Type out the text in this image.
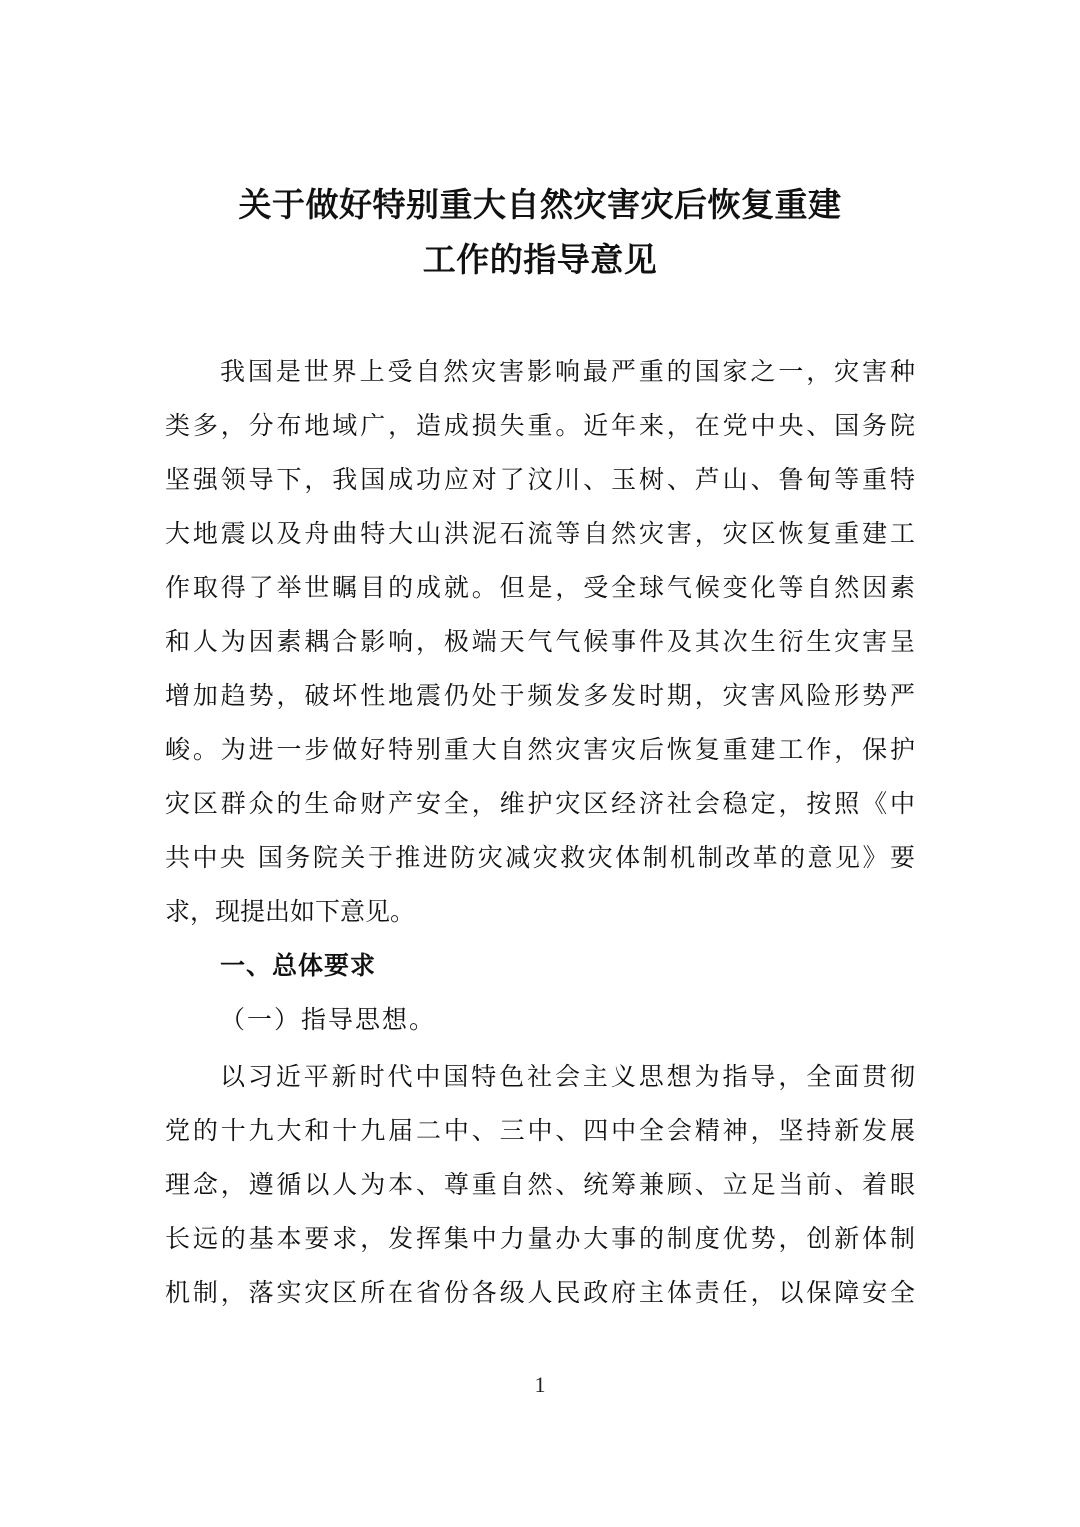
关于做好特别重大自然灾害灾后恢复重建
工作的指导意见
我国是世界上受自然灾害影响最严重的国家之一，灾害种
类多，分布地域广，造成损失重。近年来，在党中央、国务院
坚强领导下，我国成功应对了汶川、玉树、芦山、鲁甸等重特
大地震以及舟曲特大山洪泥石流等自然灾害，灾区恢复重建工
作取得了举世瞩目的成就。但是，受全球气候变化等自然因素
和人为因素耦合影响，极端天气气候事件及其次生衍生灾害呈
增加趋势，破坏性地震仍处于频发多发时期，灾害风险形势严
峻。为进一步做好特别重大自然灾害灾后恢复重建工作，保护
灾区群众的生命财产安全，维护灾区经济社会稳定，按照《中
共中央 国务院关于推进防灾减灾救灾体制机制改革的意见》要
求，现提出如下意见。
一、总体要求
（一）指导思想。
以习近平新时代中国特色社会主义思想为指导，全面贯彻
党的十九大和十九届二中、三中、四中全会精神，坚持新发展
理念，遵循以人为本、尊重自然、统筹兼顾、立足当前、着眼
长远的基本要求，发挥集中力量办大事的制度优势，创新体制
机制，落实灾区所在省份各级人民政府主体责任，以保障安全
1
